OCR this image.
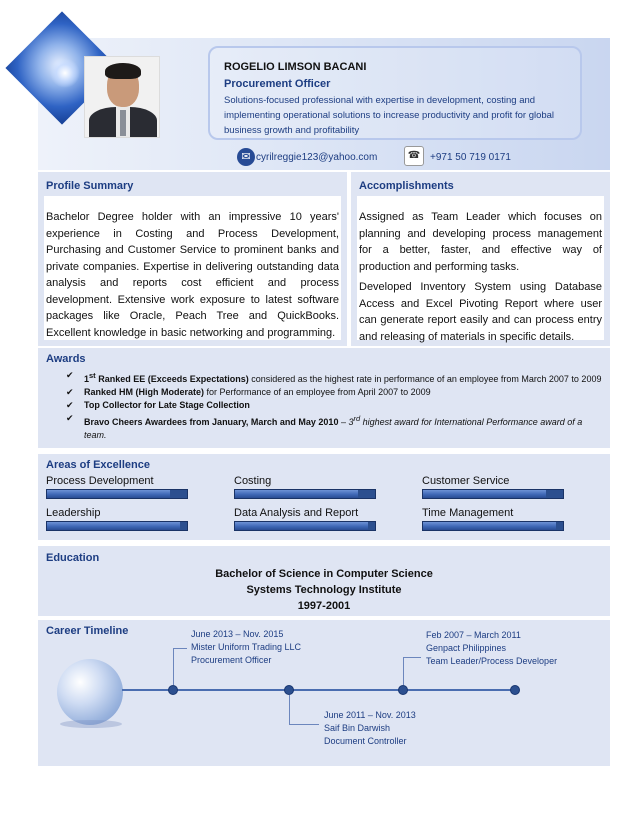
ROGELIO LIMSON BACANI
Procurement Officer
Solutions-focused professional with expertise in development, costing and implementing operational solutions to increase productivity and profit for global business growth and profitability
✉ cyrilreggie123@yahoo.com	☎ +971 50 719 0171
Profile Summary
Bachelor Degree holder with an impressive 10 years' experience in Costing and Process Development, Purchasing and Customer Service to prominent banks and private companies. Expertise in delivering outstanding data analysis and reports cost efficient and process development. Extensive work exposure to latest software packages like Oracle, Peach Tree and QuickBooks. Excellent knowledge in basic networking and programming.
Accomplishments
Assigned as Team Leader which focuses on planning and developing process management for a better, faster, and effective way of production and performing tasks.
Developed Inventory System using Database Access and Excel Pivoting Report where user can generate report easily and can process entry and releasing of materials in specific details.
Awards
✔ 1st Ranked EE (Exceeds Expectations) considered as the highest rate in performance of an employee from March 2007 to 2009
✔ Ranked HM (High Moderate) for Performance of an employee from April 2007 to 2009
✔ Top Collector for Late Stage Collection
✔ Bravo Cheers Awardees from January, March and May 2010 – 3rd highest award for International Performance award of a team.
Areas of Excellence
Process Development	Costing	Customer Service
Leadership	Data Analysis and Report	Time Management
Education
Bachelor of Science in Computer Science
Systems Technology Institute
1997-2001
Career Timeline	June 2013 – Nov. 2015
Mister Uniform Trading LLC
Procurement Officer
June 2011 – Nov. 2013
Saif Bin Darwish
Document Controller
Feb 2007 – March 2011
Genpact Philippines
Team Leader/Process Developer
